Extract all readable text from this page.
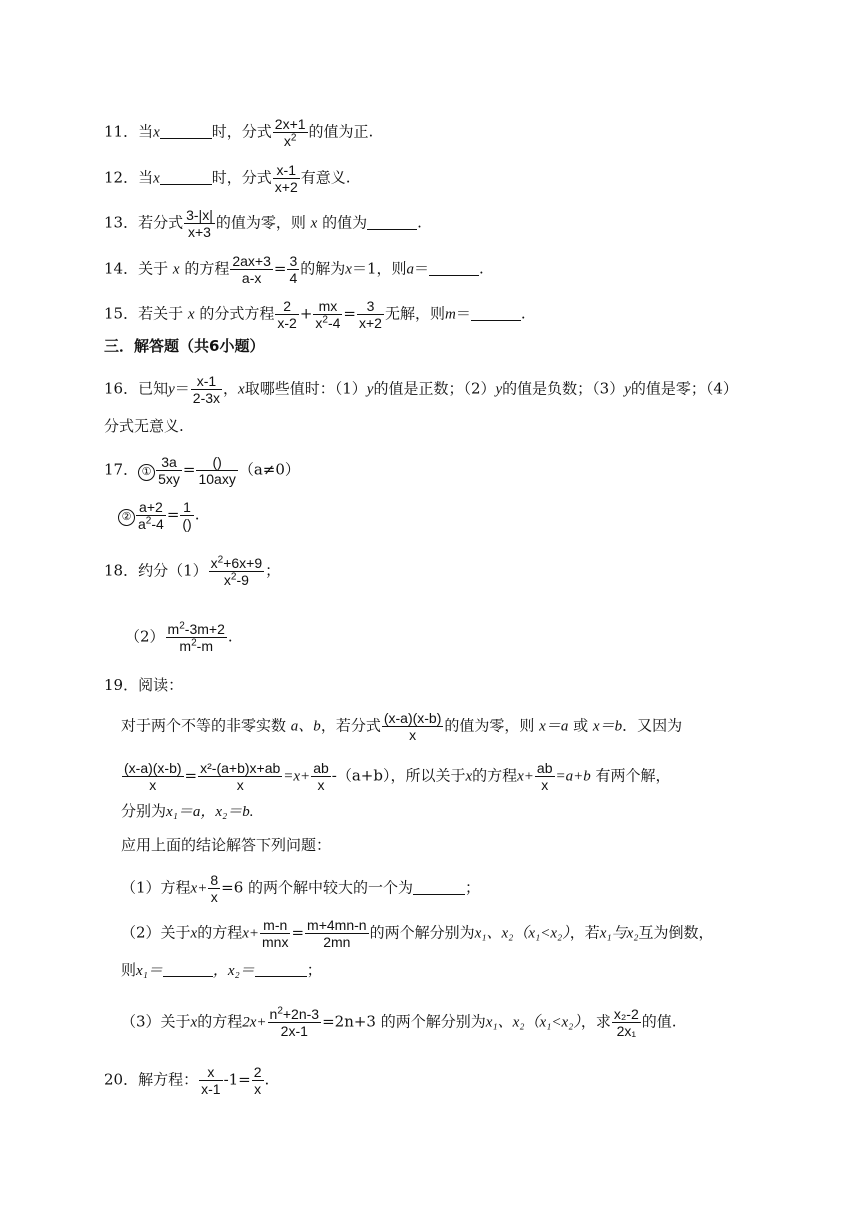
11．当x	时，分式 $\frac{2x+1}{x^2}$ 的值为正.
12．当x	时，分式 $\frac{x-1}{x+2}$ 有意义.
13．若分式 $\frac{3-|x|}{x+3}$ 的值为零，则 x 的值为	.
14．关于 x 的方程 $\frac{2ax+3}{a-x} = \frac{3}{4}$ 的解为x＝1，则a＝	.
15．若关于 x 的分式方程 $\frac{2}{x-2} + \frac{mx}{x^2-4} = \frac{3}{x+2}$ 无解，则m＝	.
三．解答题（共6小题）
16．已知$y= \frac{x-1}{2-3x}$ ，x取哪些值时：（1）y的值是正数；（2）y的值是负数；（3）y的值是零；（4）
分式无意义.
17． ① $\frac{3a}{5xy} = \frac{()}{\text{10axy}} (a\ne 0)$
② $\frac{a+2}{a^2-4} = \frac{1}{()}$ .
18．约分$(1) \frac{x^2+6x+9}{x^2-9}$ ；
$(2) \frac{m^2-3m+2}{m^2-m}$ .
19．阅读：
对于两个不等的非零实数 a、b，若分式 $\frac{(x-a)(x-b)}{x}$ 的值为零，则 x＝a 或 x＝b．又因为
$\frac{(x-a)(x-b)}{x} = \frac{\text{x²-(a+b)x+ab}}{x} =x+ \frac{ab}{x} -(a+b)$，所以关于x的方程$x+ \frac{ab}{x} =a+b$ 有两个解，
分别为x₁＝a，x₂＝b.
应用上面的结论解答下列问题：
（1）方程$x+ \frac{8}{x} =6$ 的两个解中较大的一个为	；
（2）关于x的方程$x+ \frac{m-n}{\text{mnx}} = \frac{m+4mn-n}{2mn}$ 的两个解分别为x₁、x₂（x₁<x₂），若x₁与x₂互为倒数，
则x₁＝	，x₂＝	；
（3）关于x的方程$2x+ \frac{n^2+2n-3}{2x-1} =2n+3$ 的两个解分别为x₁、x₂（x₁<x₂），求 $\frac{\text{x₂-2}}{\text{2x₁}}$ 的值.
20．解方程： $\frac{x}{x-1} -1= \frac{2}{x}$ .
